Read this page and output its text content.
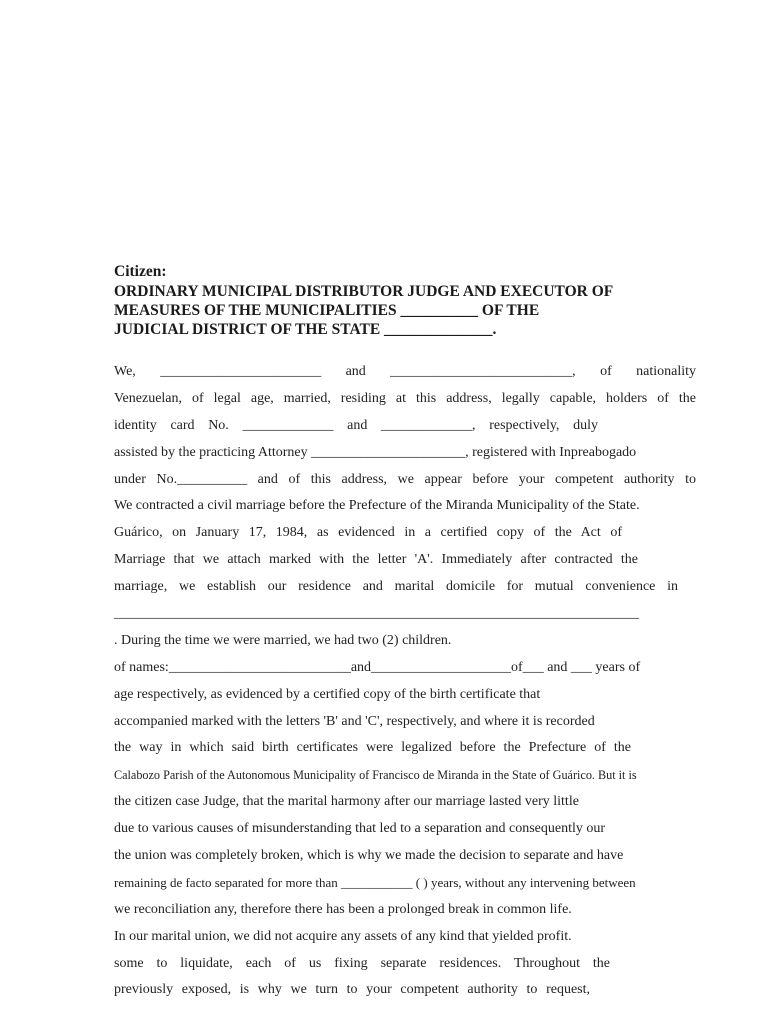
Citizen:
ORDINARY MUNICIPAL DISTRIBUTOR JUDGE AND EXECUTOR OF
MEASURES OF THE MUNICIPALITIES __________ OF THE
JUDICIAL DISTRICT OF THE STATE ______________.
We, _______________________ and __________________________, of nationality
Venezuelan, of legal age, married, residing at this address, legally capable, holders of the
identity card No. _____________ and _____________, respectively, duly
assisted by the practicing Attorney ______________________, registered with Inpreabogado
under No.__________ and of this address, we appear before your competent authority to
We contracted a civil marriage before the Prefecture of the Miranda Municipality of the State.
Guárico, on January 17, 1984, as evidenced in a certified copy of the Act of
Marriage that we attach marked with the letter 'A'. Immediately after contracted the
marriage, we establish our residence and marital domicile for mutual convenience in
___________________________________________________________________________
. During the time we were married, we had two (2) children.
of names:__________________________and____________________of___ and ___ years of
age respectively, as evidenced by a certified copy of the birth certificate that
accompanied marked with the letters 'B' and 'C', respectively, and where it is recorded
the way in which said birth certificates were legalized before the Prefecture of the
Calabozo Parish of the Autonomous Municipality of Francisco de Miranda in the State of Guárico. But it is
the citizen case Judge, that the marital harmony after our marriage lasted very little
due to various causes of misunderstanding that led to a separation and consequently our
the union was completely broken, which is why we made the decision to separate and have
remaining de facto separated for more than ___________ ( ) years, without any intervening between
we reconciliation any, therefore there has been a prolonged break in common life.
In our marital union, we did not acquire any assets of any kind that yielded profit.
some to liquidate, each of us fixing separate residences. Throughout the
previously exposed, is why we turn to your competent authority to request,
